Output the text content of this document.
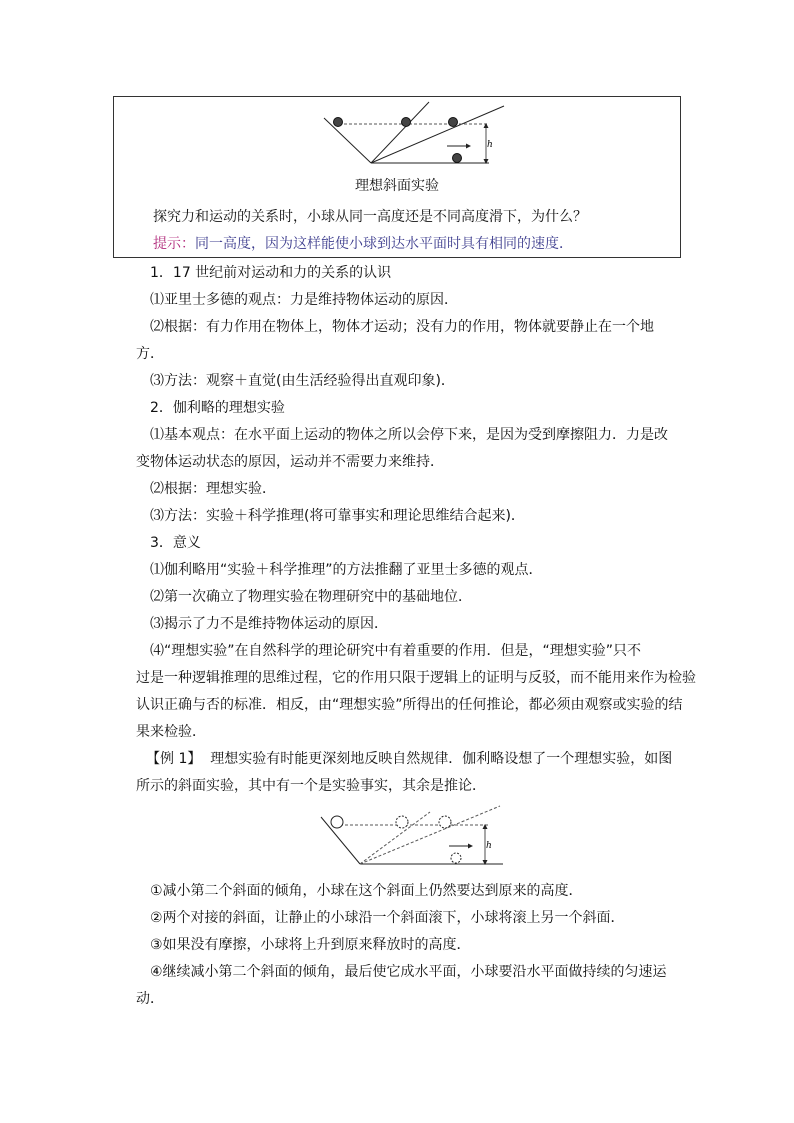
h
理想斜面实验
探究力和运动的关系时，小球从同一高度还是不同高度滑下，为什么？
提示：同一高度，因为这样能使小球到达水平面时具有相同的速度．
1．17 世纪前对运动和力的关系的认识
⑴亚里士多德的观点：力是维持物体运动的原因．
⑵根据：有力作用在物体上，物体才运动；没有力的作用，物体就要静止在一个地
方．
⑶方法：观察＋直觉(由生活经验得出直观印象)．
2．伽利略的理想实验
⑴基本观点：在水平面上运动的物体之所以会停下来，是因为受到摩擦阻力．力是改
变物体运动状态的原因，运动并不需要力来维持．
⑵根据：理想实验．
⑶方法：实验＋科学推理(将可靠事实和理论思维结合起来)．
3．意义
⑴伽利略用“实验＋科学推理”的方法推翻了亚里士多德的观点．
⑵第一次确立了物理实验在物理研究中的基础地位．
⑶揭示了力不是维持物体运动的原因．
⑷“理想实验”在自然科学的理论研究中有着重要的作用．但是，“理想实验”只不
过是一种逻辑推理的思维过程，它的作用只限于逻辑上的证明与反驳，而不能用来作为检验
认识正确与否的标准．相反，由“理想实验”所得出的任何推论，都必须由观察或实验的结
果来检验．
【例 1】 理想实验有时能更深刻地反映自然规律．伽利略设想了一个理想实验，如图
所示的斜面实验，其中有一个是实验事实，其余是推论．
h
①减小第二个斜面的倾角，小球在这个斜面上仍然要达到原来的高度．
②两个对接的斜面，让静止的小球沿一个斜面滚下，小球将滚上另一个斜面．
③如果没有摩擦，小球将上升到原来释放时的高度．
④继续减小第二个斜面的倾角，最后使它成水平面，小球要沿水平面做持续的匀速运
动．
